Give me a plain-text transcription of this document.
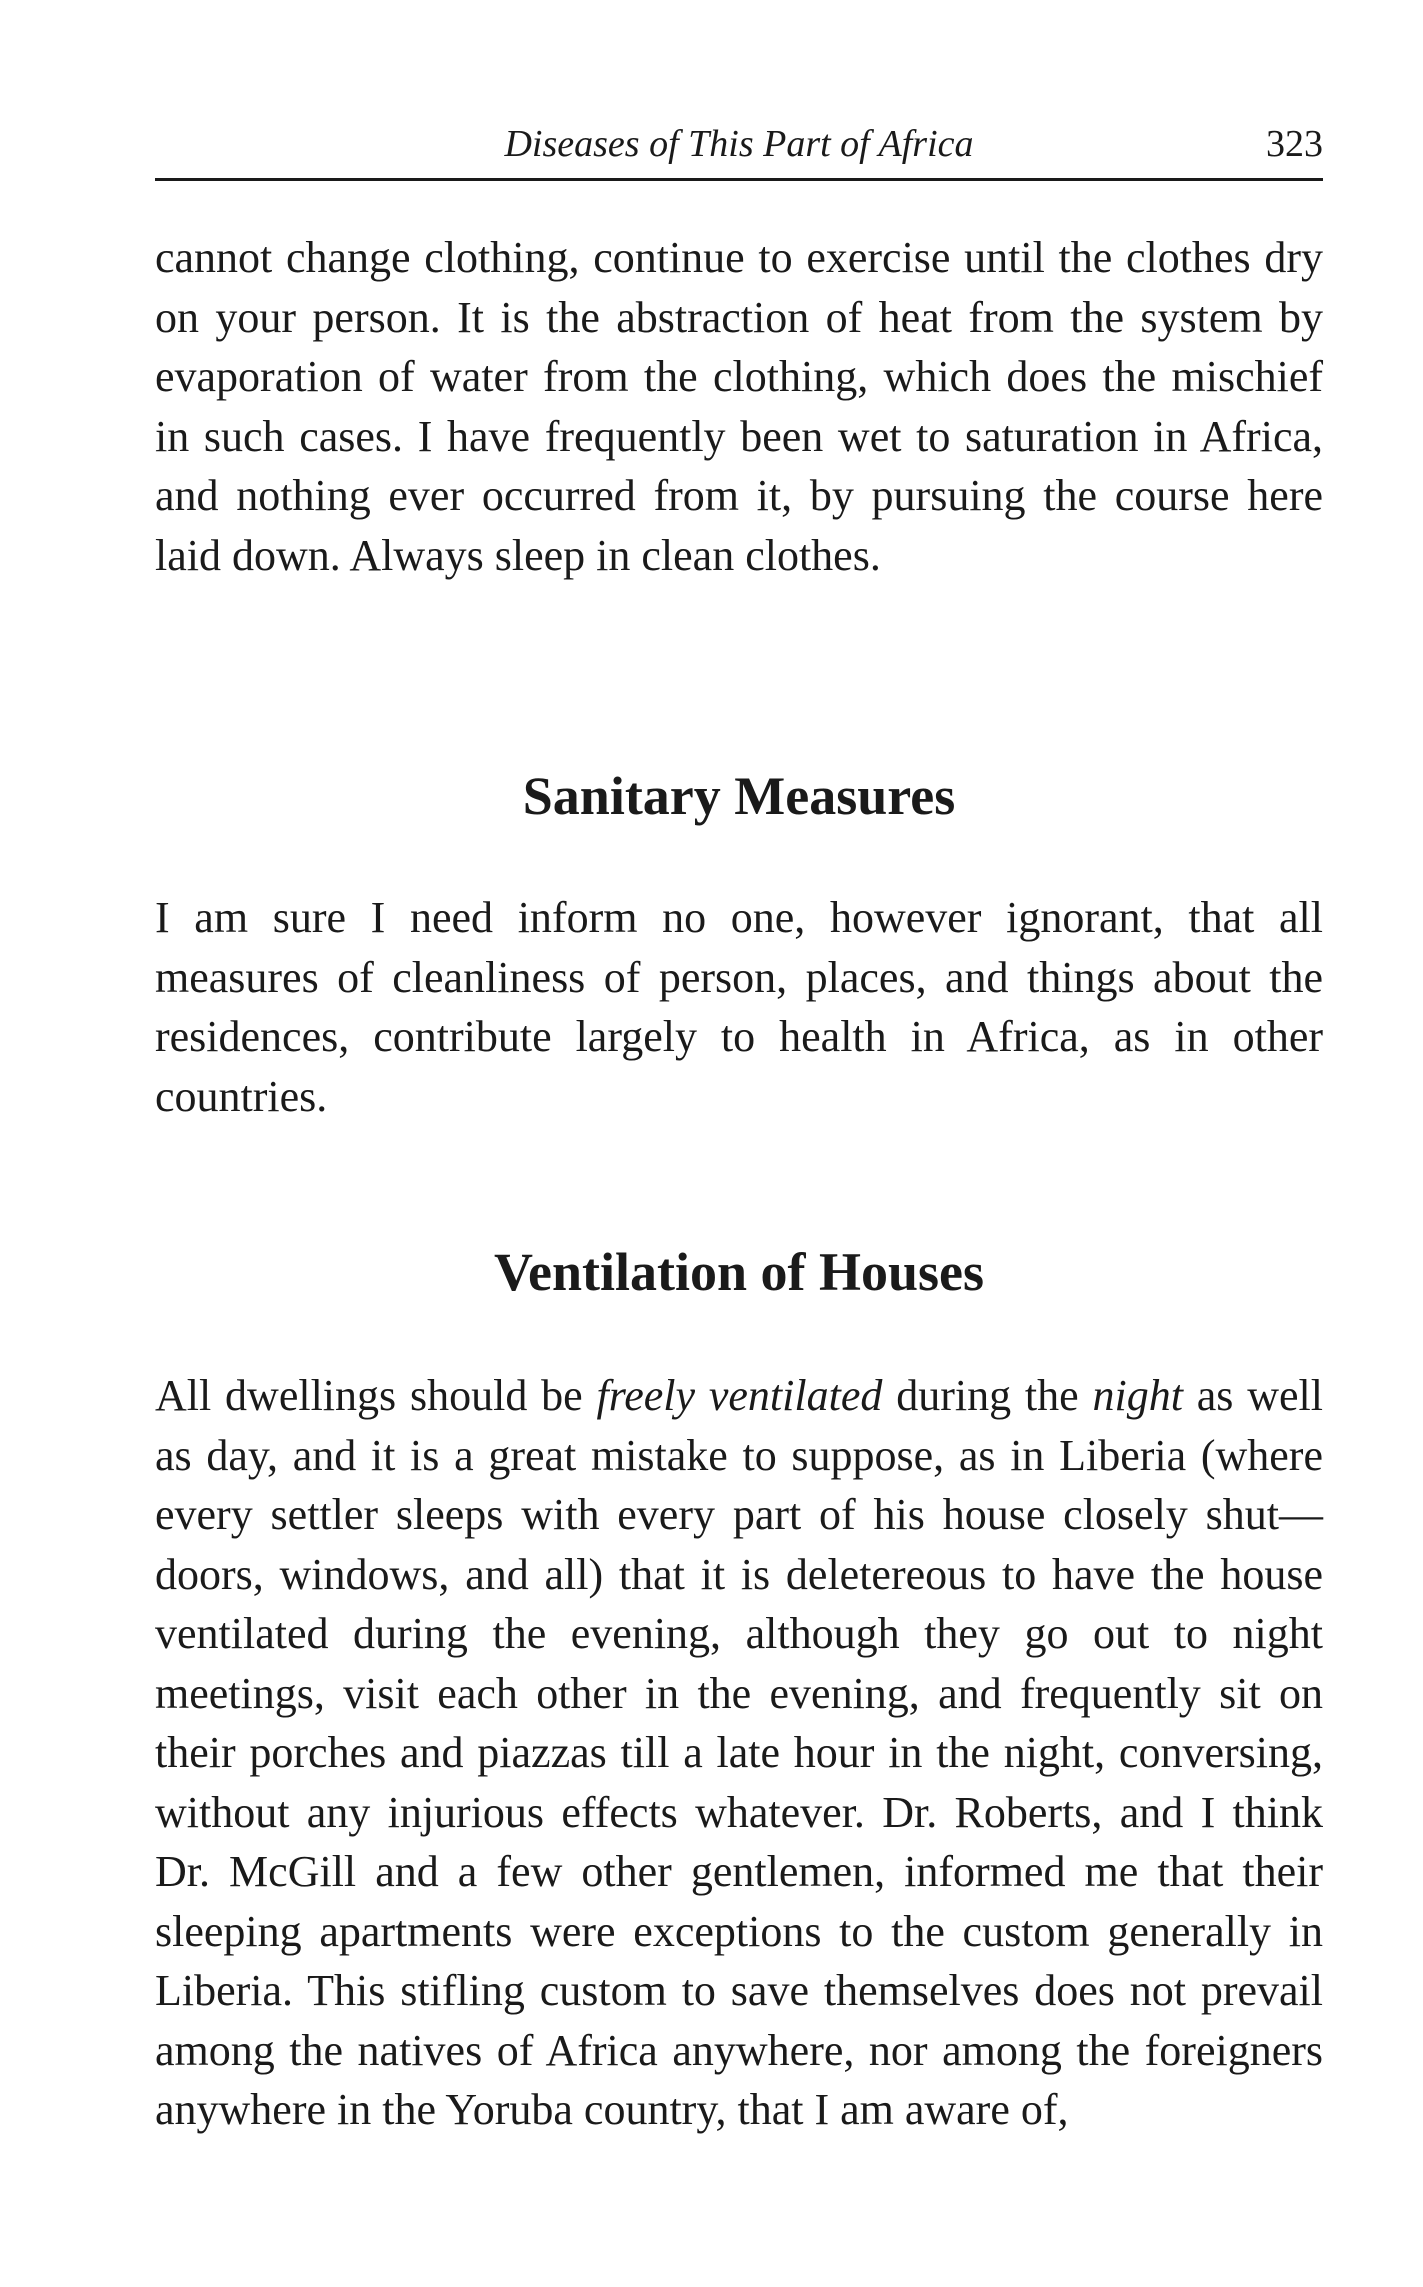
Diseases of This Part of Africa	323

cannot change clothing, continue to exercise until the clothes dry on your person. It is the abstraction of heat from the system by evaporation of water from the clothing, which does the mischief in such cases. I have frequently been wet to saturation in Africa, and nothing ever occurred from it, by pursuing the course here laid down. Always sleep in clean clothes.

Sanitary Measures

I am sure I need inform no one, however ignorant, that all measures of cleanliness of person, places, and things about the residences, contribute largely to health in Africa, as in other countries.

Ventilation of Houses

All dwellings should be freely ventilated during the night as well as day, and it is a great mistake to suppose, as in Liberia (where every settler sleeps with every part of his house closely shut—doors, windows, and all) that it is deletereous to have the house ventilated during the evening, although they go out to night meetings, visit each other in the evening, and frequently sit on their porches and piazzas till a late hour in the night, conversing, without any injurious effects whatever. Dr. Roberts, and I think Dr. McGill and a few other gentlemen, informed me that their sleeping apartments were exceptions to the custom generally in Liberia. This stifling custom to save themselves does not prevail among the natives of Africa anywhere, nor among the foreigners anywhere in the Yoruba country, that I am aware of,
